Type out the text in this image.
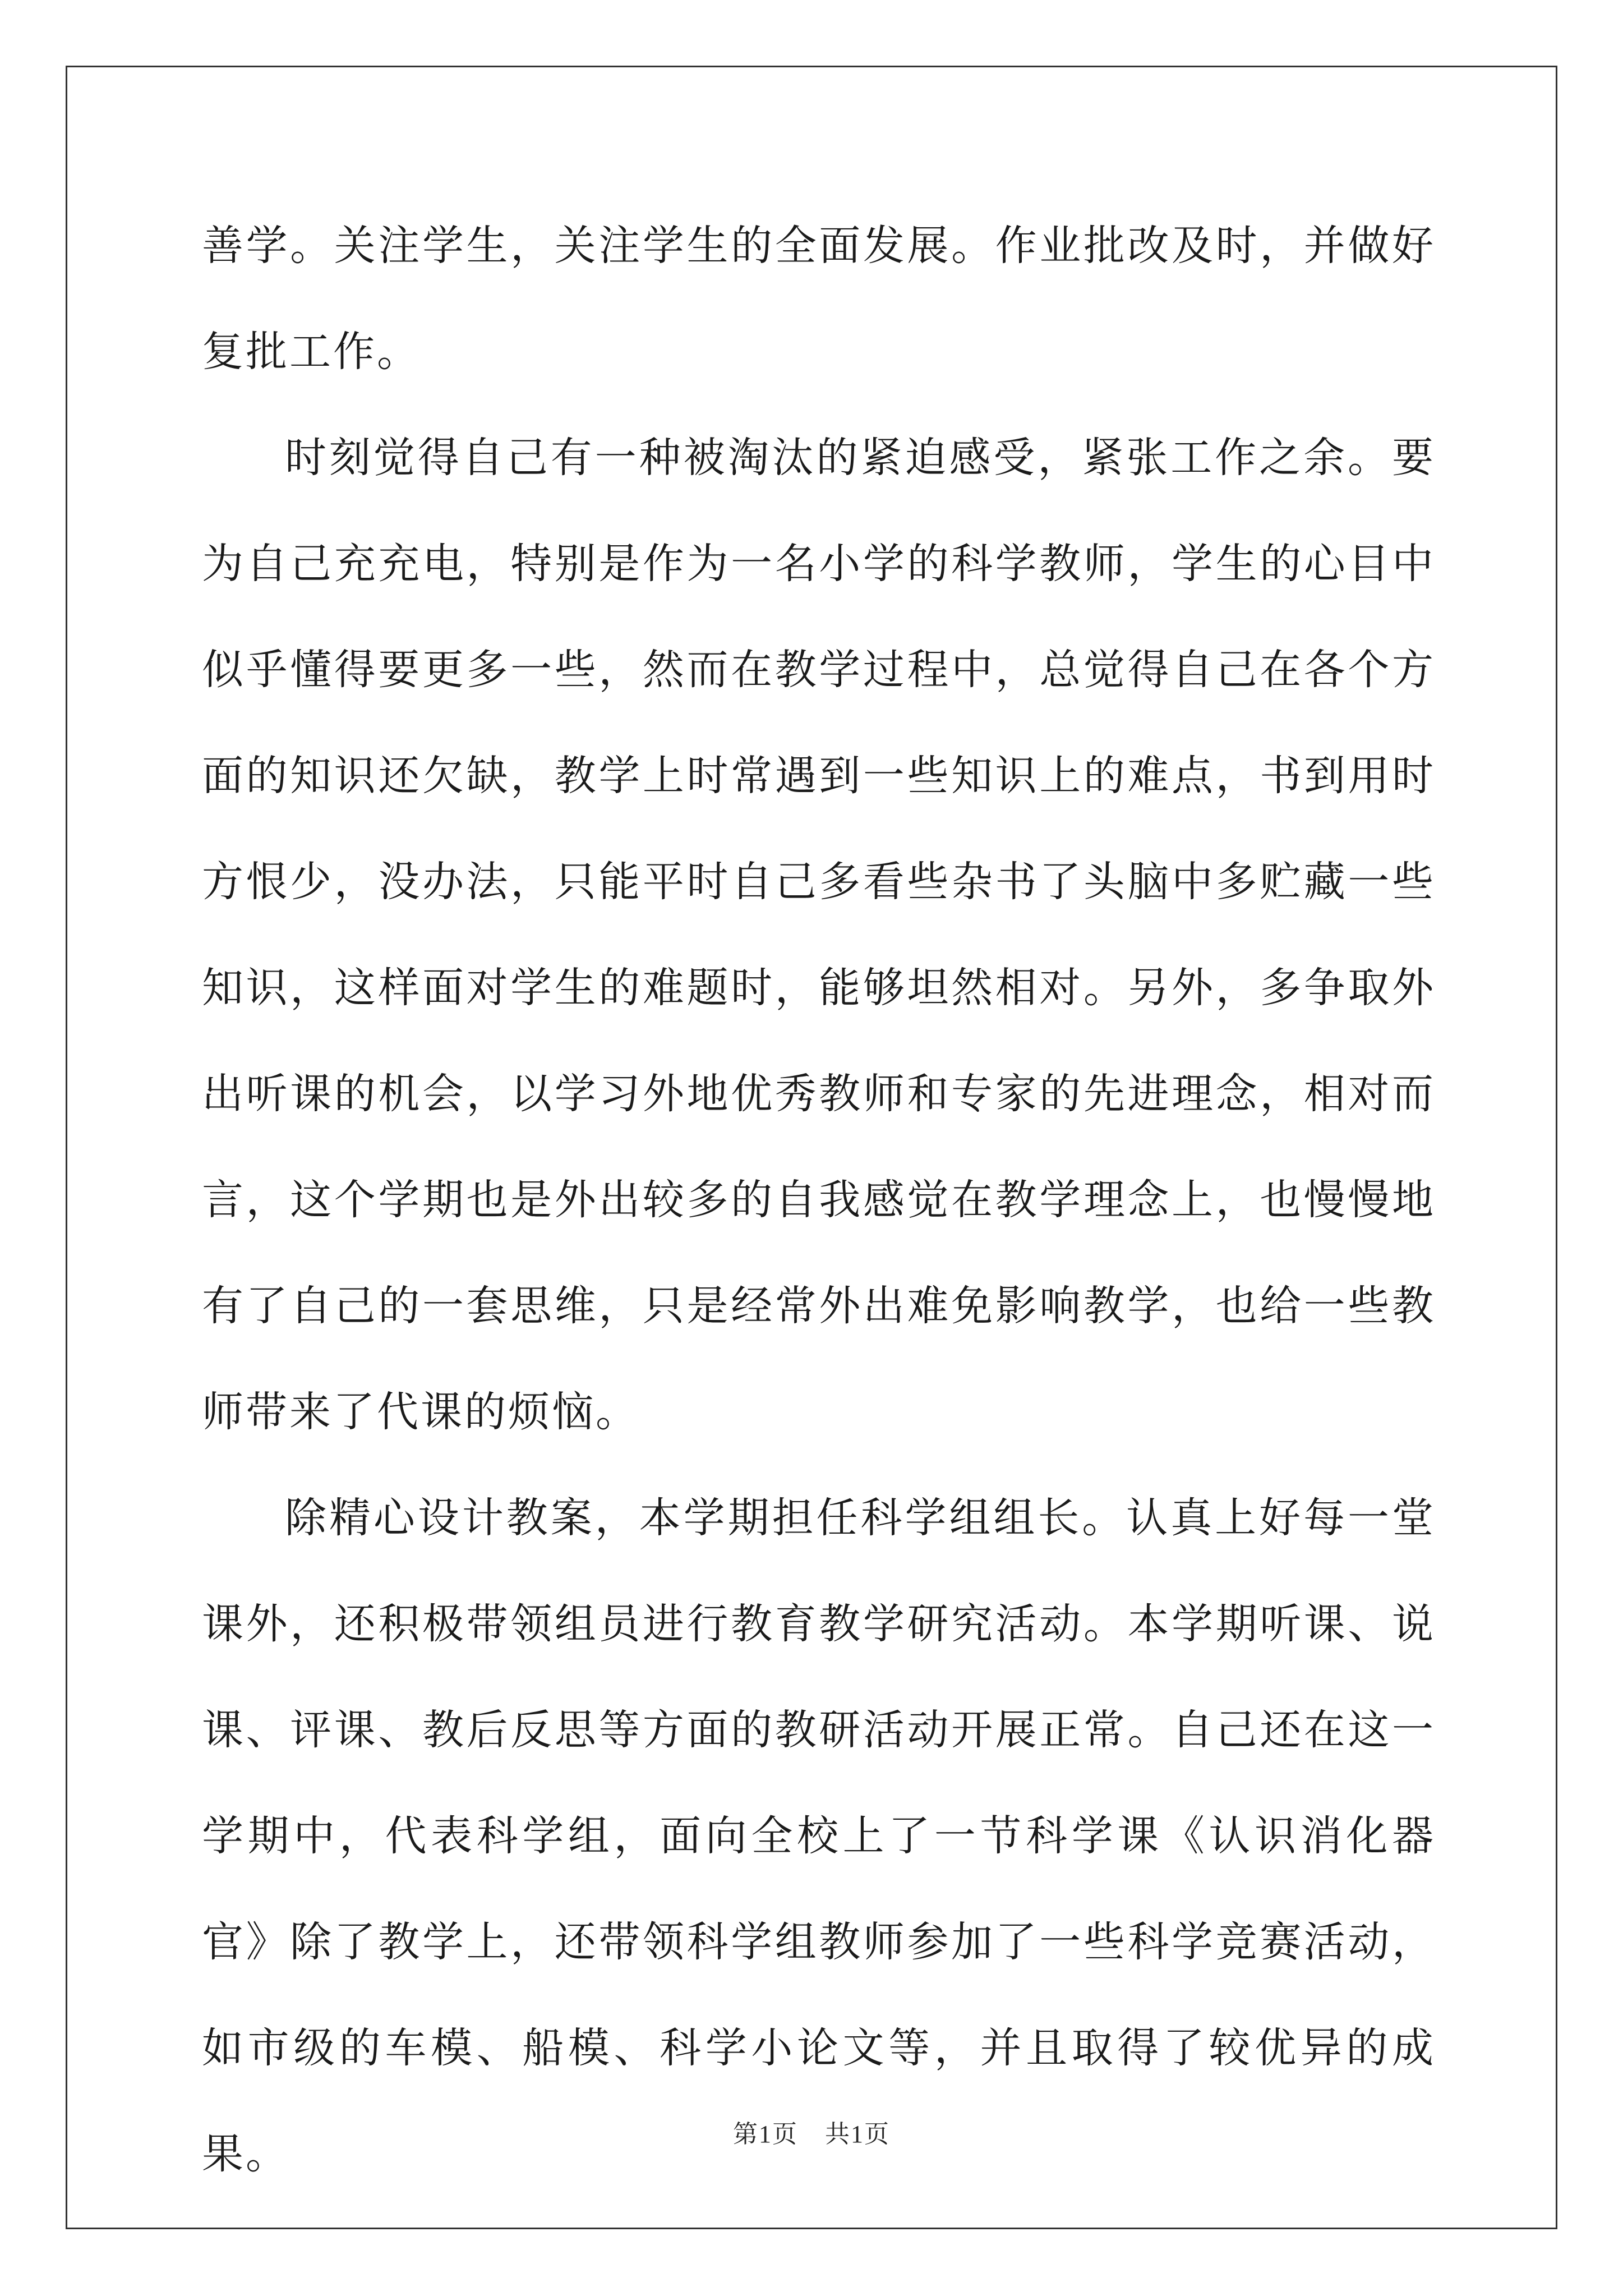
善学。关注学生，关注学生的全面发展。作业批改及时，并做好复批工作。

时刻觉得自己有一种被淘汰的紧迫感受，紧张工作之余。要为自己充充电，特别是作为一名小学的科学教师，学生的心目中似乎懂得要更多一些，然而在教学过程中，总觉得自己在各个方面的知识还欠缺，教学上时常遇到一些知识上的难点，书到用时方恨少，没办法，只能平时自己多看些杂书了头脑中多贮藏一些知识，这样面对学生的难题时，能够坦然相对。另外，多争取外出听课的机会，以学习外地优秀教师和专家的先进理念，相对而言，这个学期也是外出较多的自我感觉在教学理念上，也慢慢地有了自己的一套思维，只是经常外出难免影响教学，也给一些教师带来了代课的烦恼。

除精心设计教案，本学期担任科学组组长。认真上好每一堂课外，还积极带领组员进行教育教学研究活动。本学期听课、说课、评课、教后反思等方面的教研活动开展正常。自己还在这一学期中，代表科学组，面向全校上了一节科学课《认识消化器官》除了教学上，还带领科学组教师参加了一些科学竞赛活动，如市级的车模、船模、科学小论文等，并且取得了较优异的成果。	第1页 共1页
